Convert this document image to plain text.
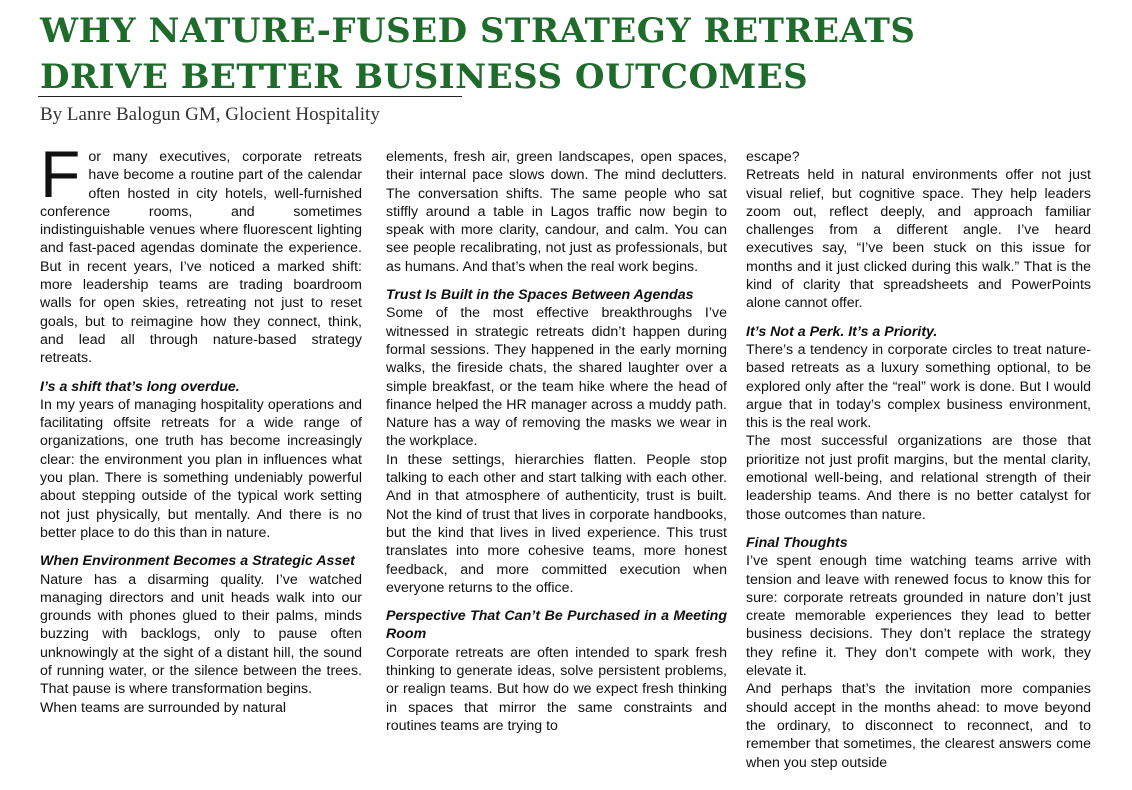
WHY NATURE-FUSED STRATEGY RETREATS
DRIVE BETTER BUSINESS OUTCOMES

By Lanre Balogun GM, Glocient Hospitality

For many executives, corporate retreats have become a routine part of the calendar often hosted in city hotels, well-furnished conference rooms, and sometimes indistinguishable venues where fluorescent lighting and fast-paced agendas dominate the experience. But in recent years, I’ve noticed a marked shift: more leadership teams are trading boardroom walls for open skies, retreating not just to reset goals, but to reimagine how they connect, think, and lead all through nature-based strategy retreats.

I’s a shift that’s long overdue.

In my years of managing hospitality operations and facilitating offsite retreats for a wide range of organizations, one truth has become increasingly clear: the environment you plan in influences what you plan. There is something undeniably powerful about stepping outside of the typical work setting not just physically, but mentally. And there is no better place to do this than in nature.

When Environment Becomes a Strategic Asset

Nature has a disarming quality. I’ve watched managing directors and unit heads walk into our grounds with phones glued to their palms, minds buzzing with backlogs, only to pause often unknowingly at the sight of a distant hill, the sound of running water, or the silence between the trees. That pause is where transformation begins.

When teams are surrounded by natural

elements, fresh air, green landscapes, open spaces, their internal pace slows down. The mind declutters. The conversation shifts. The same people who sat stiffly around a table in Lagos traffic now begin to speak with more clarity, candour, and calm. You can see people recalibrating, not just as professionals, but as humans. And that’s when the real work begins.

Trust Is Built in the Spaces Between Agendas

Some of the most effective breakthroughs I’ve witnessed in strategic retreats didn’t happen during formal sessions. They happened in the early morning walks, the fireside chats, the shared laughter over a simple breakfast, or the team hike where the head of finance helped the HR manager across a muddy path. Nature has a way of removing the masks we wear in the workplace.

In these settings, hierarchies flatten. People stop talking to each other and start talking with each other. And in that atmosphere of authenticity, trust is built. Not the kind of trust that lives in corporate handbooks, but the kind that lives in lived experience. This trust translates into more cohesive teams, more honest feedback, and more committed execution when everyone returns to the office.

Perspective That Can’t Be Purchased in a Meeting Room

Corporate retreats are often intended to spark fresh thinking to generate ideas, solve persistent problems, or realign teams. But how do we expect fresh thinking in spaces that mirror the same constraints and routines teams are trying to

escape?

Retreats held in natural environments offer not just visual relief, but cognitive space. They help leaders zoom out, reflect deeply, and approach familiar challenges from a different angle. I’ve heard executives say, “I’ve been stuck on this issue for months and it just clicked during this walk.” That is the kind of clarity that spreadsheets and PowerPoints alone cannot offer.

It’s Not a Perk. It’s a Priority.

There’s a tendency in corporate circles to treat nature-based retreats as a luxury something optional, to be explored only after the “real” work is done. But I would argue that in today’s complex business environment, this is the real work.

The most successful organizations are those that prioritize not just profit margins, but the mental clarity, emotional well-being, and relational strength of their leadership teams. And there is no better catalyst for those outcomes than nature.

Final Thoughts

I’ve spent enough time watching teams arrive with tension and leave with renewed focus to know this for sure: corporate retreats grounded in nature don’t just create memorable experiences they lead to better business decisions. They don’t replace the strategy they refine it. They don’t compete with work, they elevate it.

And perhaps that’s the invitation more companies should accept in the months ahead: to move beyond the ordinary, to disconnect to reconnect, and to remember that sometimes, the clearest answers come when you step outside
